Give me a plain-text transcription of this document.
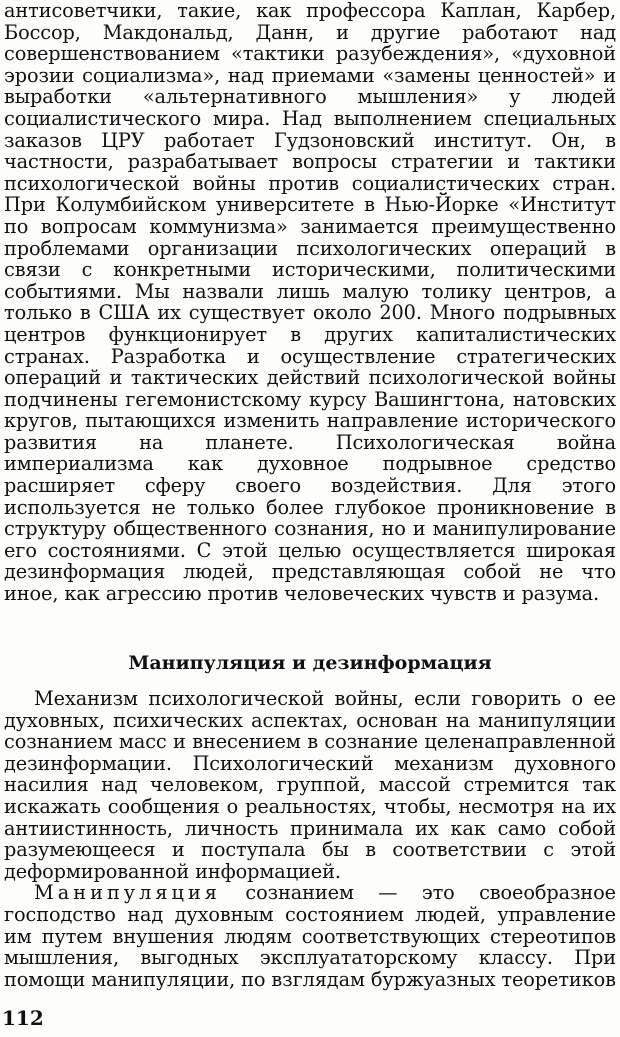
антисоветчики, такие, как профессора Каплан, Карбер, Боссор, Макдональд, Данн, и другие работают над совершенствованием «тактики разубеждения», «духовной эрозии социализма», над приемами «замены ценностей» и выработки «альтернативного мышления» у людей социалистического мира. Над выполнением специальных заказов ЦРУ работает Гудзоновский институт. Он, в частности, разрабатывает вопросы стратегии и тактики психологической войны против социалистических стран. При Колумбийском университете в Нью-Йорке «Институт по вопросам коммунизма» занимается преимущественно проблемами организации психологических операций в связи с конкретными историческими, политическими событиями. Мы назвали лишь малую толику центров, а только в США их существует около 200. Много подрывных центров функционирует в других капиталистических странах. Разработка и осуществление стратегических операций и тактических действий психологической войны подчинены гегемонистскому курсу Вашингтона, натовских кругов, пытающихся изменить направление исторического развития на планете. Психологическая война империализма как духовное подрывное средство расширяет сферу своего воздействия. Для этого используется не только более глубокое проникновение в структуру общественного сознания, но и манипулирование его состояниями. С этой целью осуществляется широкая дезинформация людей, представляющая собой не что иное, как агрессию против человеческих чувств и разума.

Манипуляция и дезинформация

Механизм психологической войны, если говорить о ее духовных, психических аспектах, основан на манипуляции сознанием масс и внесением в сознание целенаправленной дезинформации. Психологический механизм духовного насилия над человеком, группой, массой стремится так искажать сообщения о реальностях, чтобы, несмотря на их антиистинность, личность принимала их как само собой разумеющееся и поступала бы в соответствии с этой деформированной информацией.

Манипуляция сознанием — это своеобразное господство над духовным состоянием людей, управление им путем внушения людям соответствующих стереотипов мышления, выгодных эксплуататорскому классу. При помощи манипуляции, по взглядам буржуазных теоретиков

112
